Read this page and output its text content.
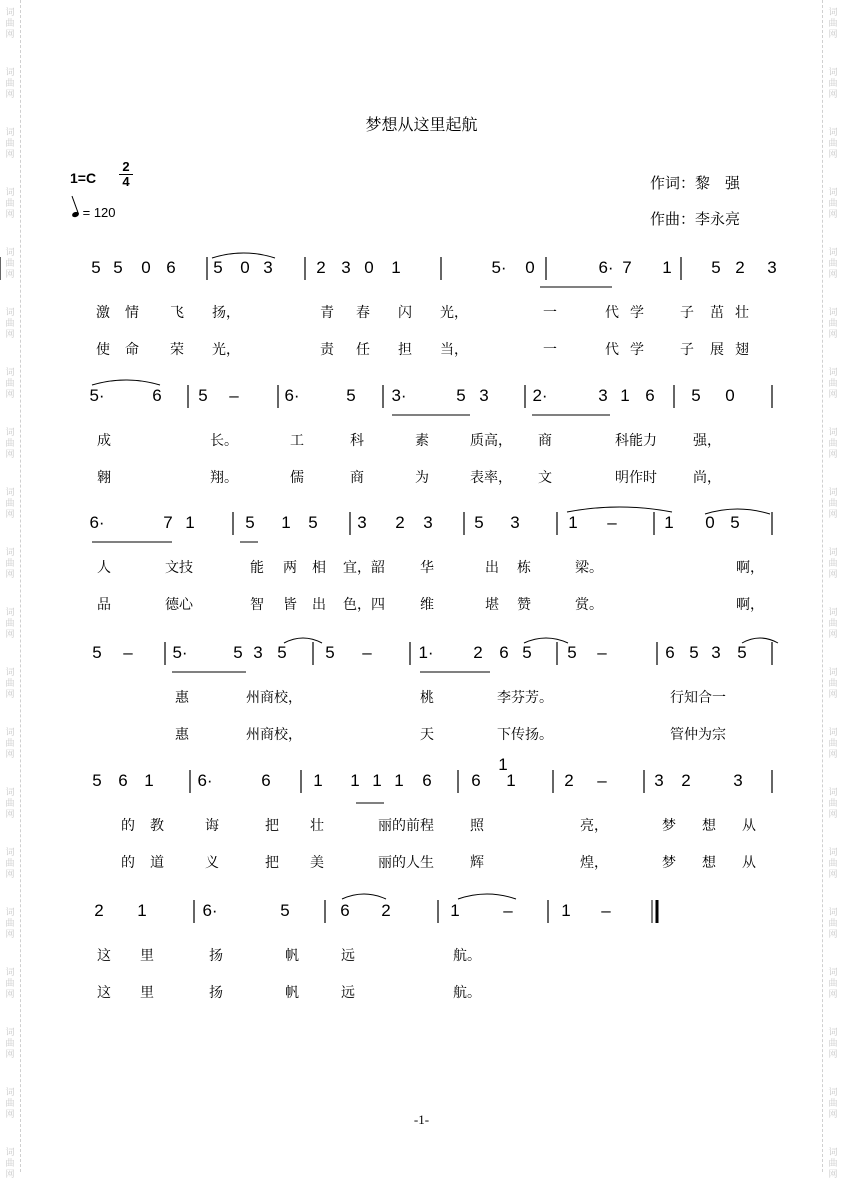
词
曲
网
词
曲
网
词
曲
网
词
曲
网
词
曲
网
词
曲
网
词
曲
网
词
曲
网
词
曲
网
词
曲
网
词
曲
网
词
曲
网
词
曲
网
词
曲
网
词
曲
网
词
曲
网
词
曲
网
词
曲
网
词
曲
网
词
曲
网
词
曲
网
词
曲
网
词
曲
网
词
曲
网
词
曲
网
词
曲
网
词
曲
网
词
曲
网
词
曲
网
词
曲
网
词
曲
网
词
曲
网
词
曲
网
词
曲
网
词
曲
网
词
曲
网
词
曲
网
词
曲
网
词
曲
网
词
曲
网
梦想从这里起航
1=C
2
4
= 120
作词：黎　强
作曲：李永亮
5 5 0 6 5 0 3	2 3 0 1	5· 0	6· 7 1 5 2 3
激 情 飞 扬，	青 春 闪 光，	一	代 学	子 茁 壮
使 命 荣 光，	责 任 担 当，	一	代 学	子 展 翅
5·	6 5 –	6·	5 3·	5 3	2·	3 1 6 5 0
成	长。	工	科	素	质高， 商	科能力	强，
翱	翔。	儒	商	为	表率， 文	明作时	尚，
6·	7 1	5 1 5 3 2 3 5 3	1 –	1 0 5
人	文技	能 两 相 宜，韶	华	出 栋	梁。	啊，
品	德心	智 皆 出 色，四	维	堪 赞	赏。	啊，
5 – 5·	5 3 5 5 –	1· 2 6 5 5 –	6 5 3 5
惠	州商校，	桃	李芬芳。	行知合一
惠	州商校，	天	下传扬。	管仲为宗
5 6 1	6·	6	1 1 1 1 6 6 1	2 –	3 2	3
1
的 教	诲	把 壮	丽的前程	照	亮，	梦 想 从
的 道	义	把 美	丽的人生	辉	煌，	梦 想 从
2 1	6·	5	6 2	1	–	1 –
这 里	扬	帆	远	航。
这 里	扬	帆	远	航。
-1-
